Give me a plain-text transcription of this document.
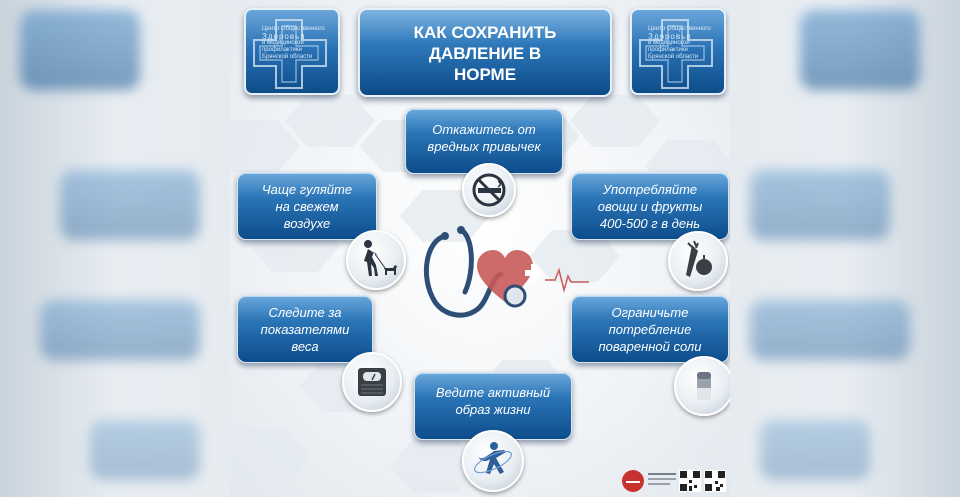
Центр Общественного
Здоровья
и медицинской профилактики
Брянской области
Центр Общественного
Здоровья
и медицинской профилактики
Брянской области
КАК СОХРАНИТЬ
ДАВЛЕНИЕ В
НОРМЕ
Откажитесь от
вредных привычек
Чаще гуляйте
на свежем
воздухе
Употребляйте
овощи и фрукты
400-500 г в день
Следите за
показателями
веса
Ограничьте
потребление
поваренной соли
Ведите активный
образ жизни
